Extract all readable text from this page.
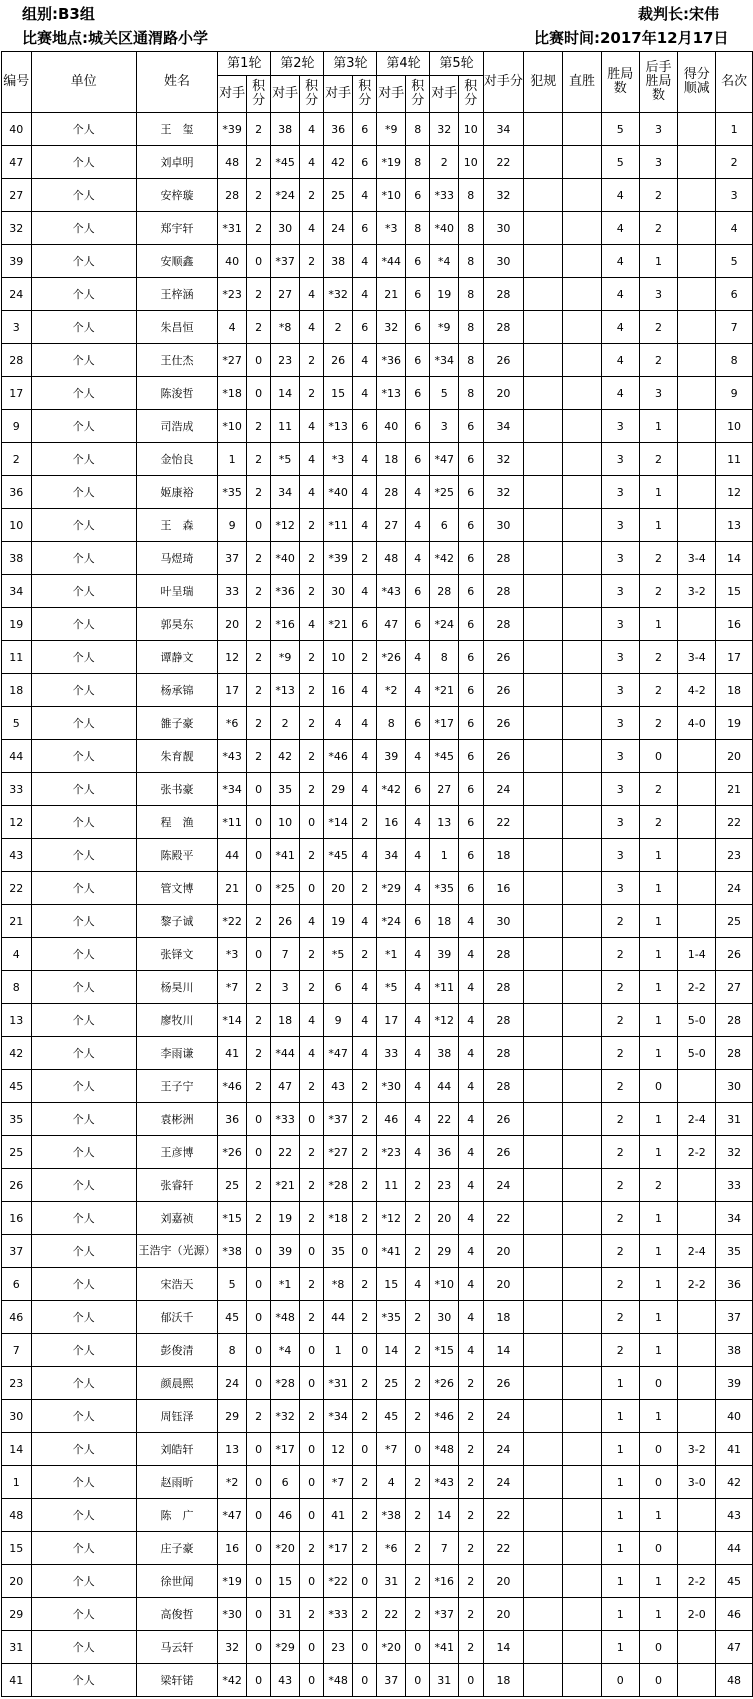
组别:B3组	裁判长:宋伟
比赛地点:城关区通渭路小学	比赛时间:2017年12月17日
编号	单位	姓名	第1轮		第2轮		第3轮		第4轮		第5轮		对手分	犯规	直胜	胜局数	后手胜局数	得分顺减	名次
			对手	积分	对手	积分	对手	积分	对手	积分	对手	积分							
40	个人	王　玺	*39	2	38	4	36	6	*9	8	32	10	34			5	3		1
47	个人	刘卓明	48	2	*45	4	42	6	*19	8	2	10	22			5	3		2
27	个人	安梓璇	28	2	*24	2	25	4	*10	6	*33	8	32			4	2		3
32	个人	郑宇轩	*31	2	30	4	24	6	*3	8	*40	8	30			4	2		4
39	个人	安顺鑫	40	0	*37	2	38	4	*44	6	*4	8	30			4	1		5
24	个人	王梓涵	*23	2	27	4	*32	4	21	6	19	8	28			4	3		6
3	个人	朱昌恒	4	2	*8	4	2	6	32	6	*9	8	28			4	2		7
28	个人	王仕杰	*27	0	23	2	26	4	*36	6	*34	8	26			4	2		8
17	个人	陈浚哲	*18	0	14	2	15	4	*13	6	5	8	20			4	3		9
9	个人	司浩成	*10	2	11	4	*13	6	40	6	3	6	34			3	1		10
2	个人	金怡良	1	2	*5	4	*3	4	18	6	*47	6	32			3	2		11
36	个人	姬康裕	*35	2	34	4	*40	4	28	4	*25	6	32			3	1		12
10	个人	王　森	9	0	*12	2	*11	4	27	4	6	6	30			3	1		13
38	个人	马煜琦	37	2	*40	2	*39	2	48	4	*42	6	28			3	2	3-4	14
34	个人	叶呈瑞	33	2	*36	2	30	4	*43	6	28	6	28			3	2	3-2	15
19	个人	郭昊东	20	2	*16	4	*21	6	47	6	*24	6	28			3	1		16
11	个人	谭静文	12	2	*9	2	10	2	*26	4	8	6	26			3	2	3-4	17
18	个人	杨承锦	17	2	*13	2	16	4	*2	4	*21	6	26			3	2	4-2	18
5	个人	雒子豪	*6	2	2	2	4	4	8	6	*17	6	26			3	2	4-0	19
44	个人	朱育靓	*43	2	42	2	*46	4	39	4	*45	6	26			3	0		20
33	个人	张书豪	*34	0	35	2	29	4	*42	6	27	6	24			3	2		21
12	个人	程　渔	*11	0	10	0	*14	2	16	4	13	6	22			3	2		22
43	个人	陈殿平	44	0	*41	2	*45	4	34	4	1	6	18			3	1		23
22	个人	管文博	21	0	*25	0	20	2	*29	4	*35	6	16			3	1		24
21	个人	黎子诚	*22	2	26	4	19	4	*24	6	18	4	30			2	1		25
4	个人	张铎文	*3	0	7	2	*5	2	*1	4	39	4	28			2	1	1-4	26
8	个人	杨昊川	*7	2	3	2	6	4	*5	4	*11	4	28			2	1	2-2	27
13	个人	廖牧川	*14	2	18	4	9	4	17	4	*12	4	28			2	1	5-0	28
42	个人	李雨谦	41	2	*44	4	*47	4	33	4	38	4	28			2	1	5-0	28
45	个人	王子宁	*46	2	47	2	43	2	*30	4	44	4	28			2	0		30
35	个人	袁彬洲	36	0	*33	0	*37	2	46	4	22	4	26			2	1	2-4	31
25	个人	王彦博	*26	0	22	2	*27	2	*23	4	36	4	26			2	1	2-2	32
26	个人	张睿轩	25	2	*21	2	*28	2	11	2	23	4	24			2	2		33
16	个人	刘嘉祯	*15	2	19	2	*18	2	*12	2	20	4	22			2	1		34
37	个人	王浩宇（光源）	*38	0	39	0	35	0	*41	2	29	4	20			2	1	2-4	35
6	个人	宋浩天	5	0	*1	2	*8	2	15	4	*10	4	20			2	1	2-2	36
46	个人	郁沃千	45	0	*48	2	44	2	*35	2	30	4	18			2	1		37
7	个人	彭俊清	8	0	*4	0	1	0	14	2	*15	4	14			2	1		38
23	个人	颜晨熙	24	0	*28	0	*31	2	25	2	*26	2	26			1	0		39
30	个人	周钰泽	29	2	*32	2	*34	2	45	2	*46	2	24			1	1		40
14	个人	刘皓轩	13	0	*17	0	12	0	*7	0	*48	2	24			1	0	3-2	41
1	个人	赵雨昕	*2	0	6	0	*7	2	4	2	*43	2	24			1	0	3-0	42
48	个人	陈　广	*47	0	46	0	41	2	*38	2	14	2	22			1	1		43
15	个人	庄子豪	16	0	*20	2	*17	2	*6	2	7	2	22			1	0		44
20	个人	徐世闻	*19	0	15	0	*22	0	31	2	*16	2	20			1	1	2-2	45
29	个人	高俊哲	*30	0	31	2	*33	2	22	2	*37	2	20			1	1	2-0	46
31	个人	马云轩	32	0	*29	0	23	0	*20	0	*41	2	14			1	0		47
41	个人	梁轩锘	*42	0	43	0	*48	0	37	0	31	0	18			0	0		48
